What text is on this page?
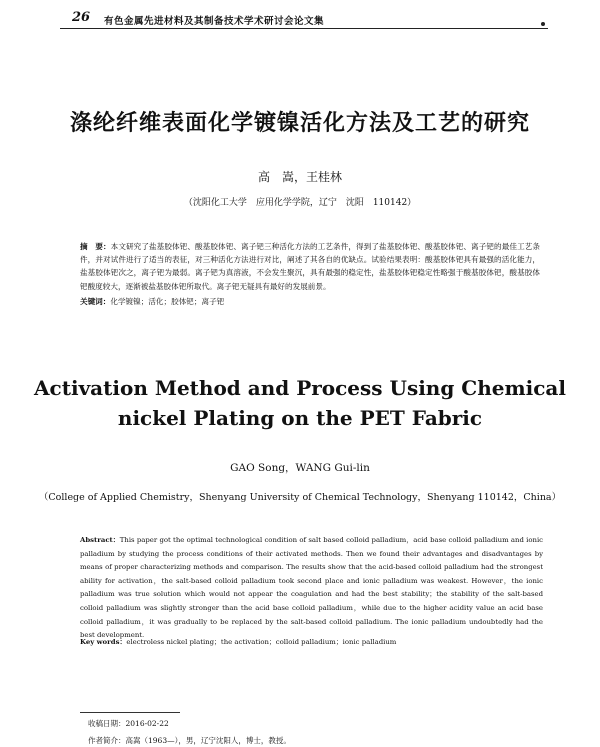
26 有色金属先进材料及其制备技术学术研讨会论文集
涤纶纤维表面化学镀镍活化方法及工艺的研究
高　嵩，王桂林
（沈阳化工大学　应用化学学院，辽宁　沈阳　110142）
摘　要：本文研究了盐基胶体钯、酸基胶体钯、离子钯三种活化方法的工艺条件，得到了盐基胶体钯、酸基胶体钯、离子钯的最佳工艺条件，并对试件进行了适当的表征，对三种活化方法进行对比，阐述了其各自的优缺点。试验结果表明：酸基胶体钯具有最强的活化能力，盐基胶体钯次之，离子钯为最弱。离子钯为真溶液，不会发生聚沉，具有最强的稳定性，盐基胶体钯稳定性略强于酸基胶体钯，酸基胶体钯酸度较大，逐渐被盐基胶体钯所取代。离子钯无疑具有最好的发展前景。
关键词：化学镀镍；活化；胶体钯；离子钯
Activation Method and Process Using Chemical
nickel Plating on the PET Fabric
GAO Song，WANG Gui-lin
（College of Applied Chemistry，Shenyang University of Chemical Technology，Shenyang 110142，China）
Abstract：This paper got the optimal technological condition of salt based colloid palladium，acid base colloid palladium and ionic palladium by studying the process conditions of their activated methods. Then we found their advantages and disadvantages by means of proper characterizing methods and comparison. The results show that the acid-based colloid palladium had the strongest ability for activation，the salt-based colloid palladium took second place and ionic palladium was weakest. However，the ionic palladium was true solution which would not appear the coagulation and had the best stability；the stability of the salt-based colloid palladium was slightly stronger than the acid base colloid palladium，while due to the higher acidity value an acid base colloid palladium，it was gradually to be replaced by the salt-based colloid palladium. The ionic palladium undoubtedly had the best development.
Key words：electroless nickel plating；the activation；colloid palladium；ionic palladium
收稿日期：2016-02-22
作者简介：高嵩（1963—），男，辽宁沈阳人，博士，教授。
